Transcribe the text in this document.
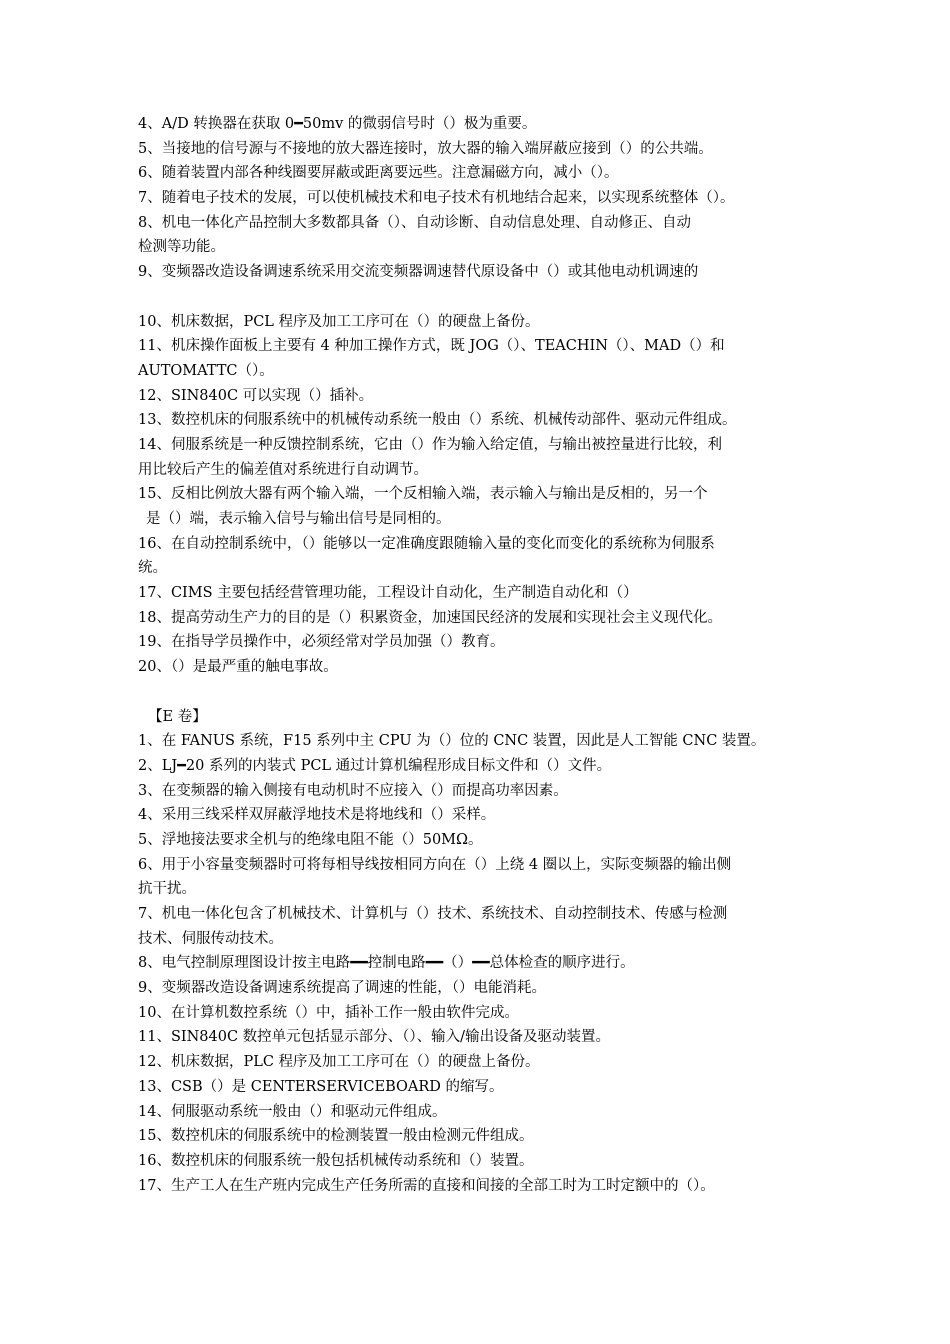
4、A/D 转换器在获取 0━50mv 的微弱信号时（）极为重要。
5、当接地的信号源与不接地的放大器连接时，放大器的输入端屏蔽应接到（）的公共端。
6、随着装置内部各种线圈要屏蔽或距离要远些。注意漏磁方向，减小（）。
7、随着电子技术的发展，可以使机械技术和电子技术有机地结合起来，以实现系统整体（）。
8、机电一体化产品控制大多数都具备（）、自动诊断、自动信息处理、自动修正、自动
检测等功能。
9、变频器改造设备调速系统采用交流变频器调速替代原设备中（）或其他电动机调速的
10、机床数据，PCL 程序及加工工序可在（）的硬盘上备份。
11、机床操作面板上主要有 4 种加工操作方式，既 JOG（）、TEACHIN（）、MAD（）和
AUTOMATTC（）。
12、SIN840C 可以实现（）插补。
13、数控机床的伺服系统中的机械传动系统一般由（）系统、机械传动部件、驱动元件组成。
14、伺服系统是一种反馈控制系统，它由（）作为输入给定值，与输出被控量进行比较，利
用比较后产生的偏差值对系统进行自动调节。
15、反相比例放大器有两个输入端，一个反相输入端，表示输入与输出是反相的，另一个
是（）端，表示输入信号与输出信号是同相的。
16、在自动控制系统中，（）能够以一定准确度跟随输入量的变化而变化的系统称为伺服系
统。
17、CIMS 主要包括经营管理功能，工程设计自动化，生产制造自动化和（）
18、提高劳动生产力的目的是（）积累资金，加速国民经济的发展和实现社会主义现代化。
19、在指导学员操作中，必须经常对学员加强（）教育。
20、（）是最严重的触电事故。
【E 卷】
1、在 FANUS 系统，F15 系列中主 CPU 为（）位的 CNC 装置，因此是人工智能 CNC 装置。
2、LJ━20 系列的内装式 PCL 通过计算机编程形成目标文件和（）文件。
3、在变频器的输入侧接有电动机时不应接入（）而提高功率因素。
4、采用三线采样双屏蔽浮地技术是将地线和（）采样。
5、浮地接法要求全机与的绝缘电阻不能（）50MΩ。
6、用于小容量变频器时可将每相导线按相同方向在（）上绕 4 圈以上，实际变频器的输出侧
抗干扰。
7、机电一体化包含了机械技术、计算机与（）技术、系统技术、自动控制技术、传感与检测
技术、伺服传动技术。
8、电气控制原理图设计按主电路━━控制电路━━（）━━总体检查的顺序进行。
9、变频器改造设备调速系统提高了调速的性能，（）电能消耗。
10、在计算机数控系统（）中，插补工作一般由软件完成。
11、SIN840C 数控单元包括显示部分、（）、输入/输出设备及驱动装置。
12、机床数据，PLC 程序及加工工序可在（）的硬盘上备份。
13、CSB（）是 CENTERSERVICEBOARD 的缩写。
14、伺服驱动系统一般由（）和驱动元件组成。
15、数控机床的伺服系统中的检测装置一般由检测元件组成。
16、数控机床的伺服系统一般包括机械传动系统和（）装置。
17、生产工人在生产班内完成生产任务所需的直接和间接的全部工时为工时定额中的（）。
